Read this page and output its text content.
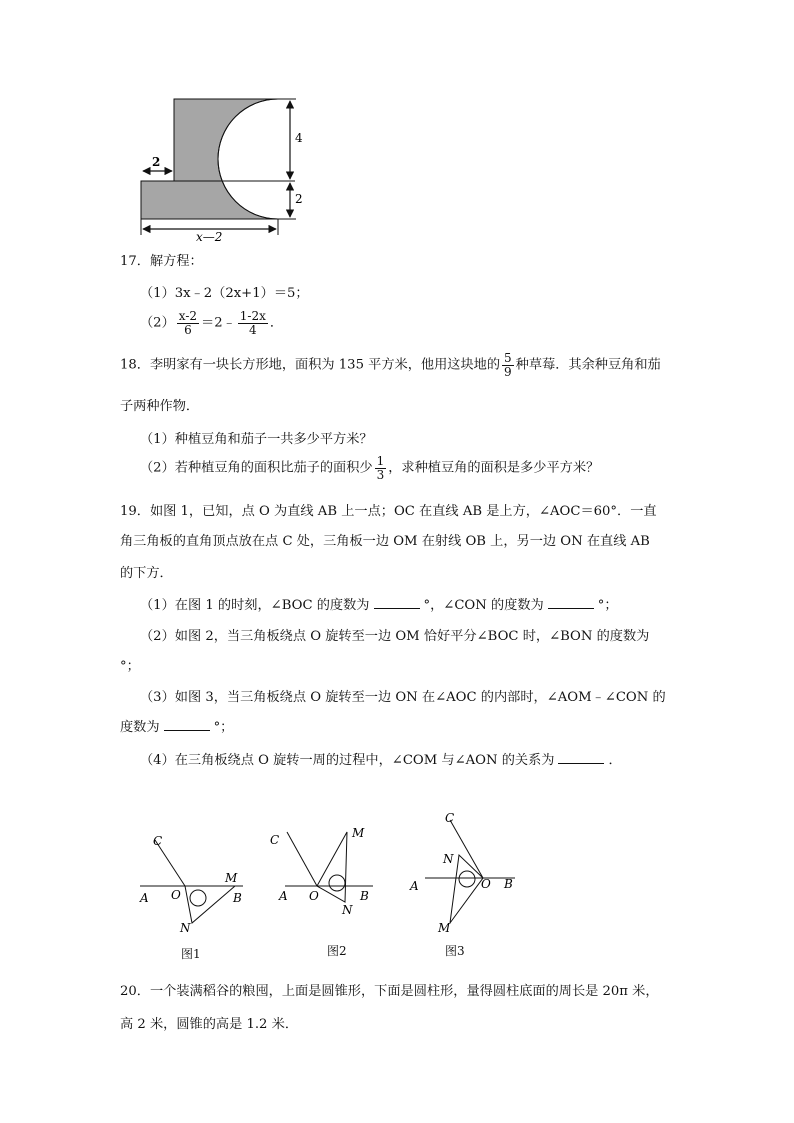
4
2
2
x—2
17．解方程：
（1）3x﹣2（2x+1）＝5；
$(2) \frac{x-2}{6}$ ＝2﹣ $\frac{1-2x}{4}$ ．
18．李明家有一块长方形地，面积为 135 平方米，他用这块地的 $\frac{5}{9}$ 种草莓．其余种豆角和茄
子两种作物．
（1）种植豆角和茄子一共多少平方米？
（2）若种植豆角的面积比茄子的面积少 $\frac{1}{3}$ ，求种植豆角的面积是多少平方米？
19．如图 1，已知，点 O 为直线 AB 上一点；OC 在直线 AB 是上方，∠AOC＝60°．一直
角三角板的直角顶点放在点 C 处，三角板一边 OM 在射线 OB 上，另一边 ON 在直线 AB
的下方．
（1）在图 1 的时刻，∠BOC 的度数为	°，∠CON 的度数为	°；
（2）如图 2，当三角板绕点 O 旋转至一边 OM 恰好平分∠BOC 时，∠BON 的度数为
°；
（3）如图 3，当三角板绕点 O 旋转至一边 ON 在∠AOC 的内部时，∠AOM﹣∠CON 的
度数为	°；
（4）在三角板绕点 O 旋转一周的过程中，∠COM 与∠AON 的关系为	．
C
A O
M
B
N
图1
C	M
A O
N
B
图2
C
N
A	O B
M
图3
20．一个装满稻谷的粮囤，上面是圆锥形，下面是圆柱形，量得圆柱底面的周长是 20π 米，
高 2 米，圆锥的高是 1.2 米．
